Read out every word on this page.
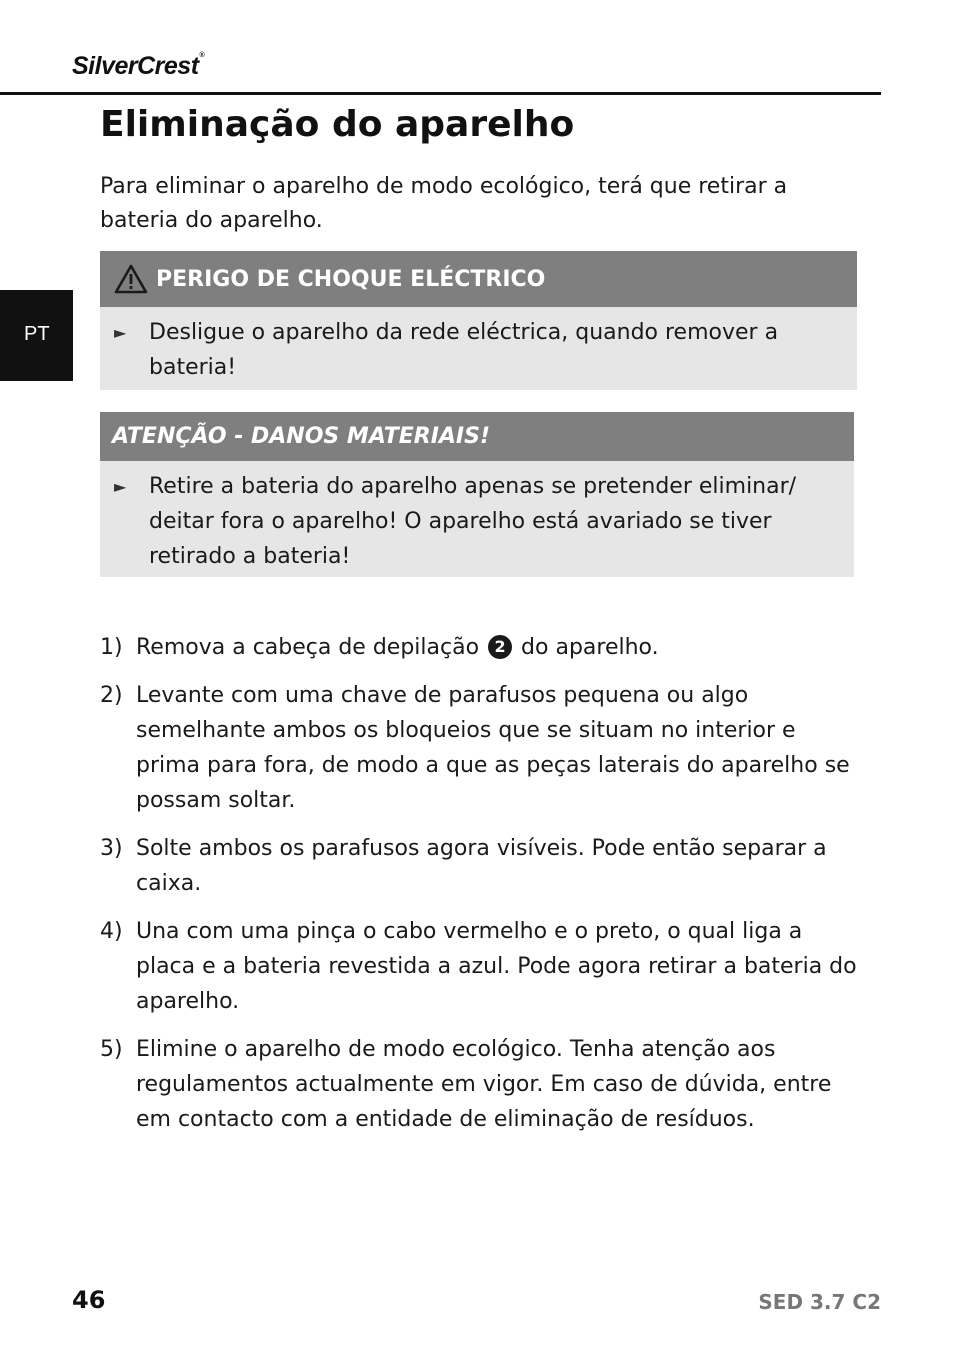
SilverCrest®
PT
Eliminação do aparelho

Para eliminar o aparelho de modo ecológico, terá que retirar a bateria do aparelho.

PERIGO DE CHOQUE ELÉCTRICO
►	Desligue o aparelho da rede eléctrica, quando remover a bateria!
ATENÇÃO - DANOS MATERIAIS!
►	Retire a bateria do aparelho apenas se pretender eliminar/ deitar fora o aparelho! O aparelho está avariado se tiver retirado a bateria!
1) Remova a cabeça de depilação 2 do aparelho.
2) Levante com uma chave de parafusos pequena ou algo semelhante ambos os bloqueios que se situam no interior e prima para fora, de modo a que as peças laterais do aparelho se possam soltar.
3) Solte ambos os parafusos agora visíveis. Pode então separar a caixa.
4) Una com uma pinça o cabo vermelho e o preto, o qual liga a placa e a bateria revestida a azul. Pode agora retirar a bateria do aparelho.
5) Elimine o aparelho de modo ecológico. Tenha atenção aos regulamentos actualmente em vigor. Em caso de dúvida, entre em contacto com a entidade de eliminação de resíduos.
46	SED 3.7 C2
